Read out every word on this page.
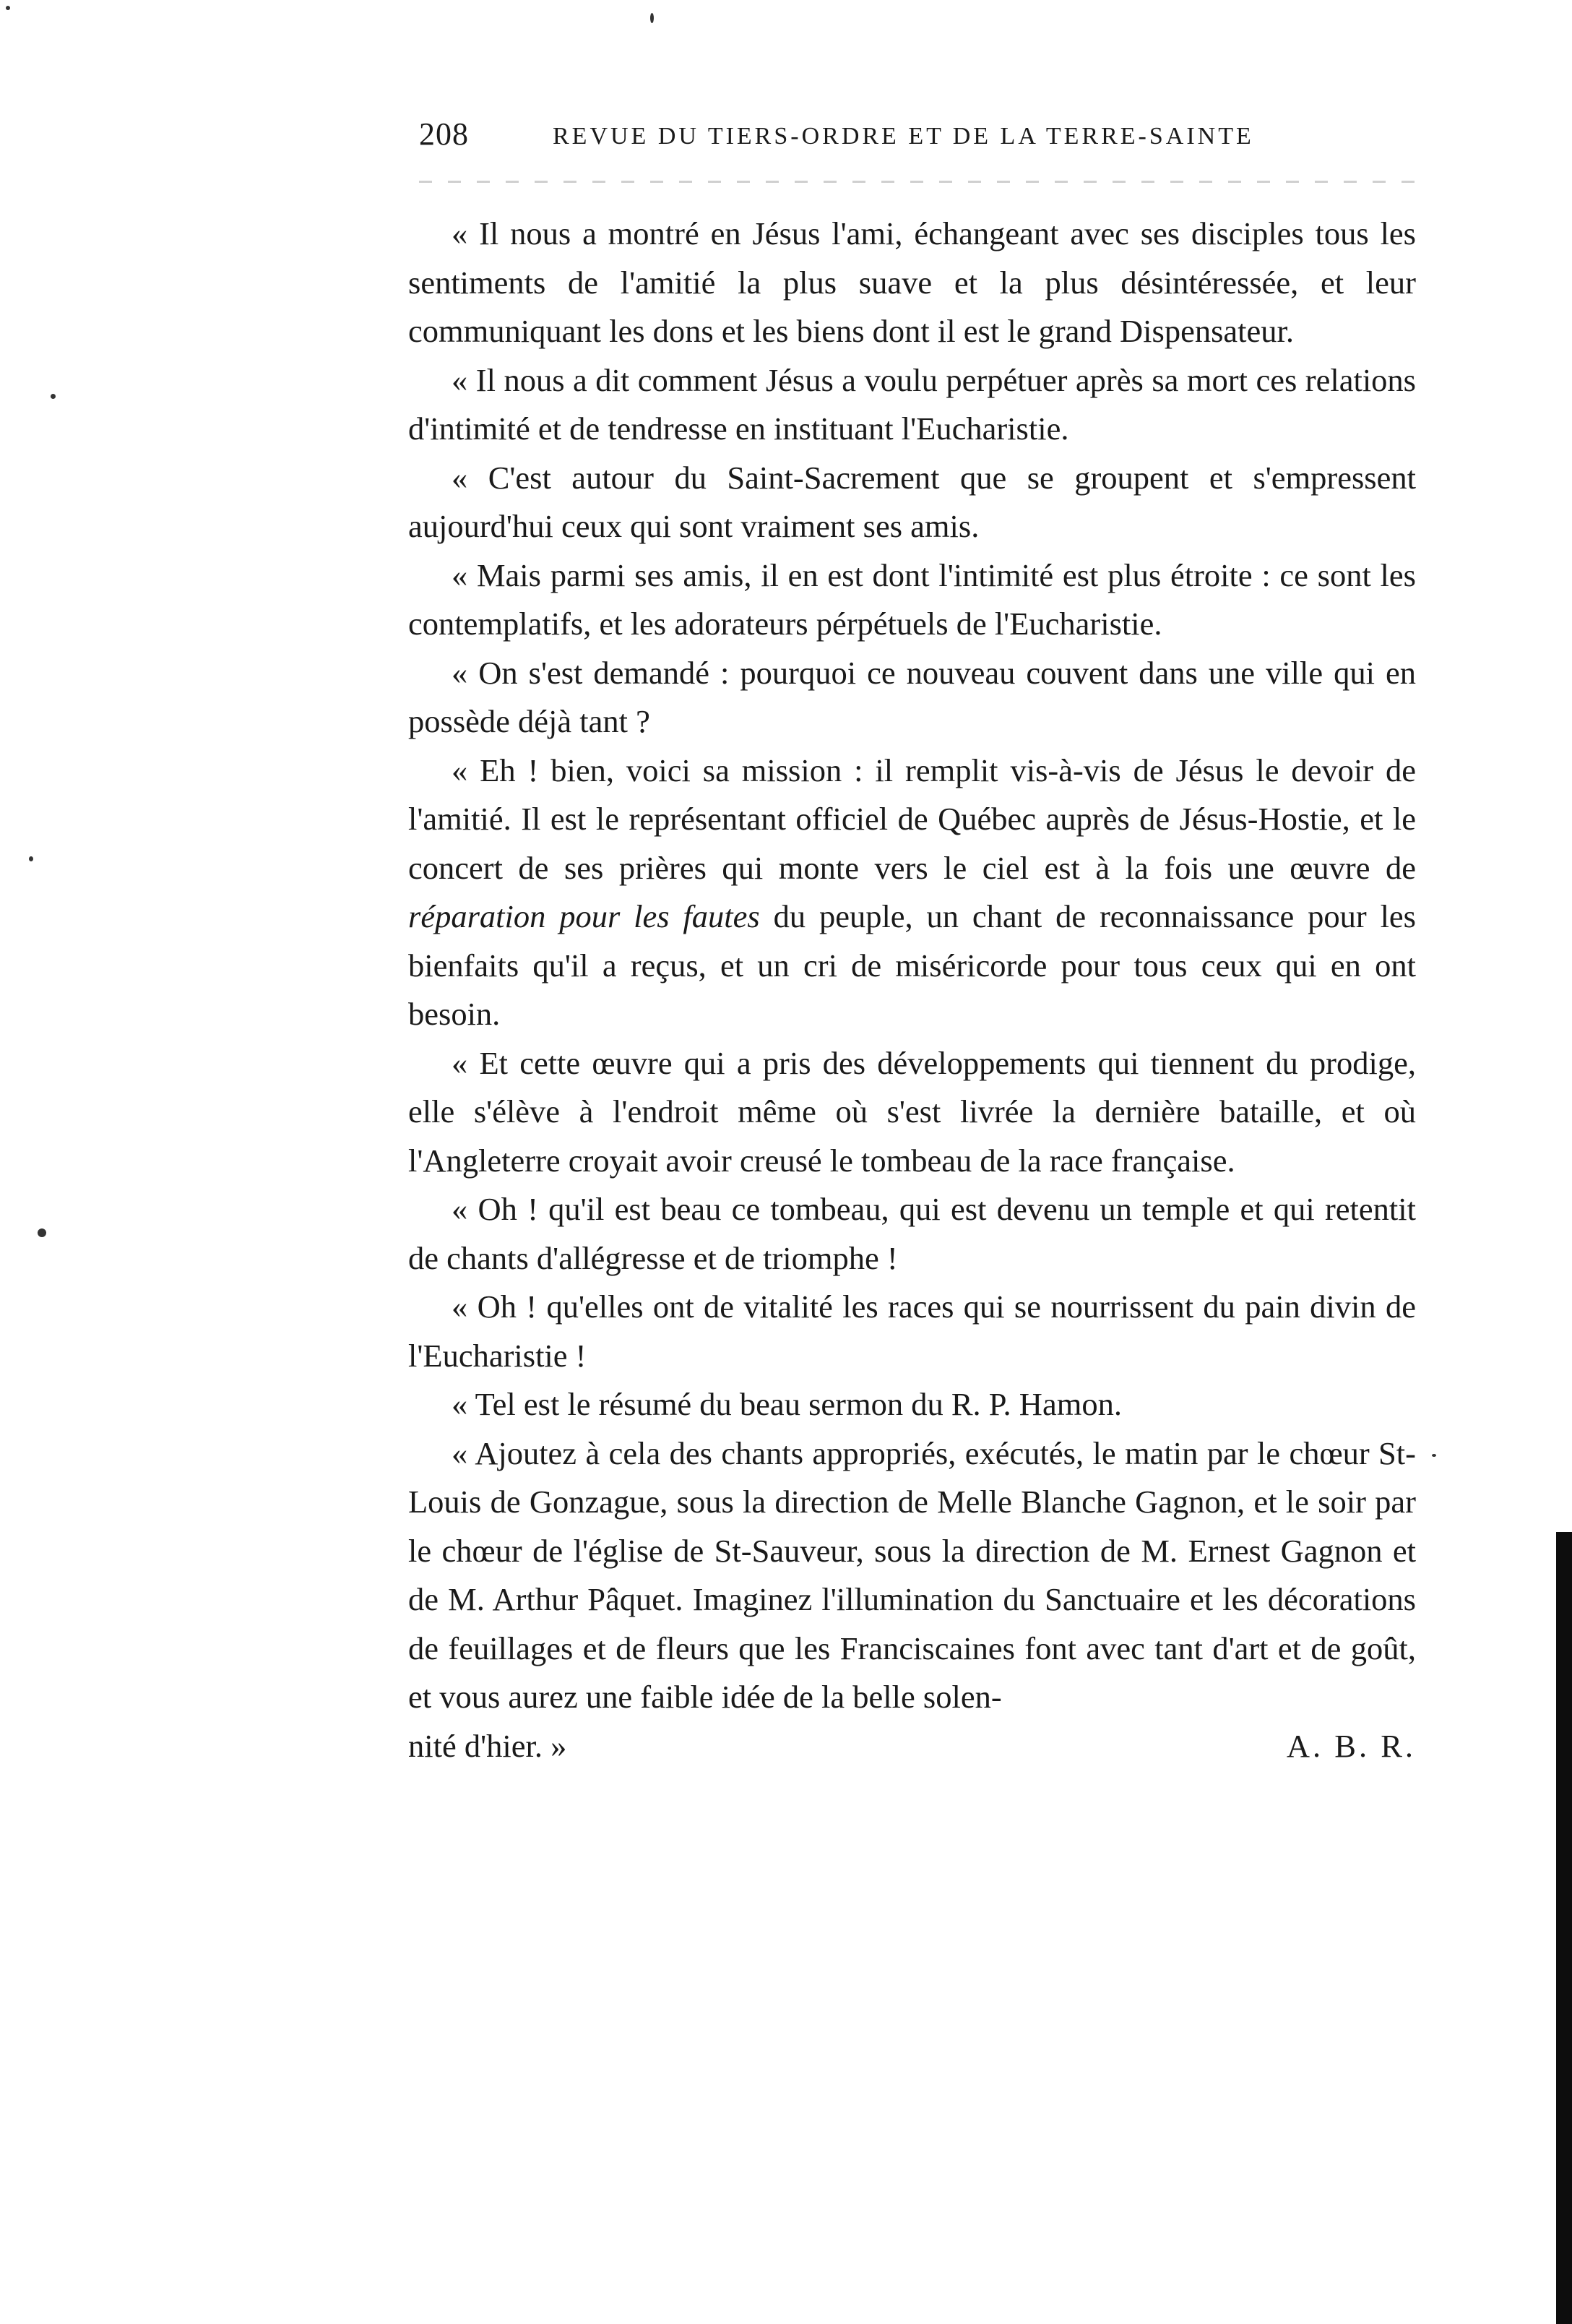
208	REVUE DU TIERS-ORDRE ET DE LA TERRE-SAINTE

« Il nous a montré en Jésus l'ami, échangeant avec ses disciples tous les sentiments de l'amitié la plus suave et la plus désintéressée, et leur communiquant les dons et les biens dont il est le grand Dispensateur.

« Il nous a dit comment Jésus a voulu perpétuer après sa mort ces relations d'intimité et de tendresse en instituant l'Eucharistie.

« C'est autour du Saint-Sacrement que se groupent et s'empressent aujourd'hui ceux qui sont vraiment ses amis.

« Mais parmi ses amis, il en est dont l'intimité est plus étroite : ce sont les contemplatifs, et les adorateurs pérpétuels de l'Eucharistie.

« On s'est demandé : pourquoi ce nouveau couvent dans une ville qui en possède déjà tant ?

« Eh ! bien, voici sa mission : il remplit vis-à-vis de Jésus le devoir de l'amitié. Il est le représentant officiel de Québec auprès de Jésus-Hostie, et le concert de ses prières qui monte vers le ciel est à la fois une œuvre de réparation pour les fautes du peuple, un chant de reconnaissance pour les bienfaits qu'il a reçus, et un cri de miséricorde pour tous ceux qui en ont besoin.

« Et cette œuvre qui a pris des développements qui tiennent du prodige, elle s'élève à l'endroit même où s'est livrée la dernière bataille, et où l'Angleterre croyait avoir creusé le tombeau de la race française.

« Oh ! qu'il est beau ce tombeau, qui est devenu un temple et qui retentit de chants d'allégresse et de triomphe !

« Oh ! qu'elles ont de vitalité les races qui se nourrissent du pain divin de l'Eucharistie !

« Tel est le résumé du beau sermon du R. P. Hamon.

« Ajoutez à cela des chants appropriés, exécutés, le matin par le chœur St-Louis de Gonzague, sous la direction de Melle Blanche Gagnon, et le soir par le chœur de l'église de St-Sauveur, sous la direction de M. Ernest Gagnon et de M. Arthur Pâquet. Imaginez l'illumination du Sanctuaire et les décorations de feuillages et de fleurs que les Franciscaines font avec tant d'art et de goût, et vous aurez une faible idée de la belle solen-

nité d'hier. »	A. B. R.
